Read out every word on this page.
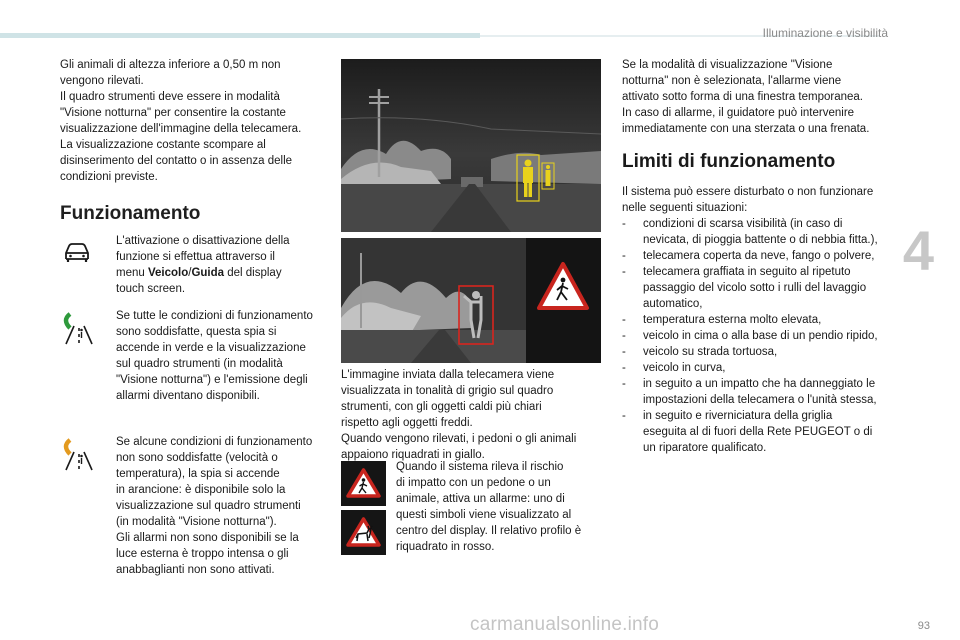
Illuminazione e visibilità
4
Gli animali di altezza inferiore a 0,50 m non
vengono rilevati.
Il quadro strumenti deve essere in modalità
"Visione notturna" per consentire la costante
visualizzazione dell'immagine della telecamera.
La visualizzazione costante scompare al
disinserimento del contatto o in assenza delle
condizioni previste.
Funzionamento
L'attivazione o disattivazione della
funzione si effettua attraverso il
menu Veicolo/Guida del display
touch screen.
Se tutte le condizioni di funzionamento
sono soddisfatte, questa spia si
accende in verde e la visualizzazione
sul quadro strumenti (in modalità
"Visione notturna") e l'emissione degli
allarmi diventano disponibili.
Se alcune condizioni di funzionamento
non sono soddisfatte (velocità o
temperatura), la spia si accende
in arancione: è disponibile solo la
visualizzazione sul quadro strumenti
(in modalità "Visione notturna").
Gli allarmi non sono disponibili se la
luce esterna è troppo intensa o gli
anabbaglianti non sono attivati.
L'immagine inviata dalla telecamera viene
visualizzata in tonalità di grigio sul quadro
strumenti, con gli oggetti caldi più chiari
rispetto agli oggetti freddi.
Quando vengono rilevati, i pedoni o gli animali
appaiono riquadrati in giallo.
Quando il sistema rileva il rischio
di impatto con un pedone o un
animale, attiva un allarme: uno di
questi simboli viene visualizzato al
centro del display. Il relativo profilo è
riquadrato in rosso.
Se la modalità di visualizzazione "Visione
notturna" non è selezionata, l'allarme viene
attivato sotto forma di una finestra temporanea.
In caso di allarme, il guidatore può intervenire
immediatamente con una sterzata o una frenata.
Limiti di funzionamento
Il sistema può essere disturbato o non funzionare
nelle seguenti situazioni:
- condizioni di scarsa visibilità (in caso di
nevicata, di pioggia battente o di nebbia fitta.),
- telecamera coperta da neve, fango o polvere,
- telecamera graffiata in seguito al ripetuto
passaggio del vicolo sotto i rulli del lavaggio
automatico,
- temperatura esterna molto elevata,
- veicolo in cima o alla base di un pendio ripido,
- veicolo su strada tortuosa,
- veicolo in curva,
- in seguito a un impatto che ha danneggiato le
impostazioni della telecamera o l'unità stessa,
- in seguito e riverniciatura della griglia
eseguita al di fuori della Rete PEUGEOT o di
un riparatore qualificato.
93
carmanualsonline.info
